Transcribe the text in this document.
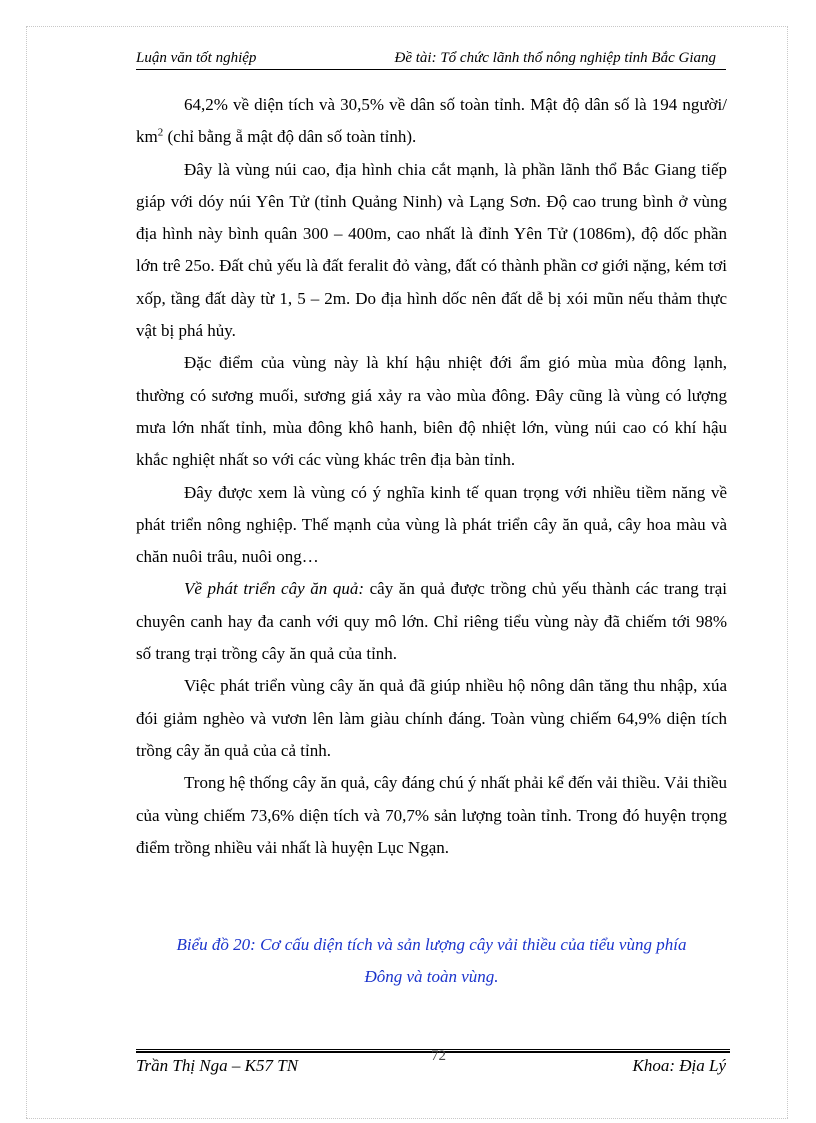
Luận văn tốt nghiệp	Đề tài: Tổ chức lãnh thổ nông nghiệp tỉnh Bắc Giang

64,2% về diện tích và 30,5% về dân số toàn tỉnh. Mật độ dân số là 194 người/ $km^2$ (chỉ bằng ẵ mật độ dân số toàn tỉnh).

Đây là vùng núi cao, địa hình chia cắt mạnh, là phần lãnh thổ Bắc Giang tiếp giáp với dóy núi Yên Tử (tỉnh Quảng Ninh) và Lạng Sơn. Độ cao trung bình ở vùng địa hình này bình quân 300 – 400m, cao nhất là đỉnh Yên Tử (1086m), độ dốc phần lớn trê 25o. Đất chủ yếu là đất feralit đỏ vàng, đất có thành phần cơ giới nặng, kém tơi xốp, tầng đất dày từ 1, 5 – 2m. Do địa hình dốc nên đất dễ bị xói mũn nếu thảm thực vật bị phá hủy.

Đặc điểm của vùng này là khí hậu nhiệt đới ẩm gió mùa mùa đông lạnh, thường có sương muối, sương giá xảy ra vào mùa đông. Đây cũng là vùng có lượng mưa lớn nhất tỉnh, mùa đông khô hanh, biên độ nhiệt lớn, vùng núi cao có khí hậu khắc nghiệt nhất so với các vùng khác trên địa bàn tỉnh.

Đây được xem là vùng có ý nghĩa kinh tế quan trọng với nhiều tiềm năng về phát triển nông nghiệp. Thế mạnh của vùng là phát triển cây ăn quả, cây hoa màu và chăn nuôi trâu, nuôi ong…

Về phát triển cây ăn quả: cây ăn quả được trồng chủ yếu thành các trang trại chuyên canh hay đa canh với quy mô lớn. Chỉ riêng tiểu vùng này đã chiếm tới 98% số trang trại trồng cây ăn quả của tỉnh.

Việc phát triển vùng cây ăn quả đã giúp nhiều hộ nông dân tăng thu nhập, xúa đói giảm nghèo và vươn lên làm giàu chính đáng. Toàn vùng chiếm 64,9% diện tích trồng cây ăn quả của cả tỉnh.

Trong hệ thống cây ăn quả, cây đáng chú ý nhất phải kể đến vải thiều. Vải thiều của vùng chiếm 73,6% diện tích và 70,7% sản lượng toàn tỉnh. Trong đó huyện trọng điểm trồng nhiều vải nhất là huyện Lục Ngạn.

Biểu đồ 20: Cơ cấu diện tích và sản lượng cây vải thiều của tiểu vùng phía
Đông và toàn vùng.
Trần Thị Nga – K57 TN	72	Khoa: Địa Lý
